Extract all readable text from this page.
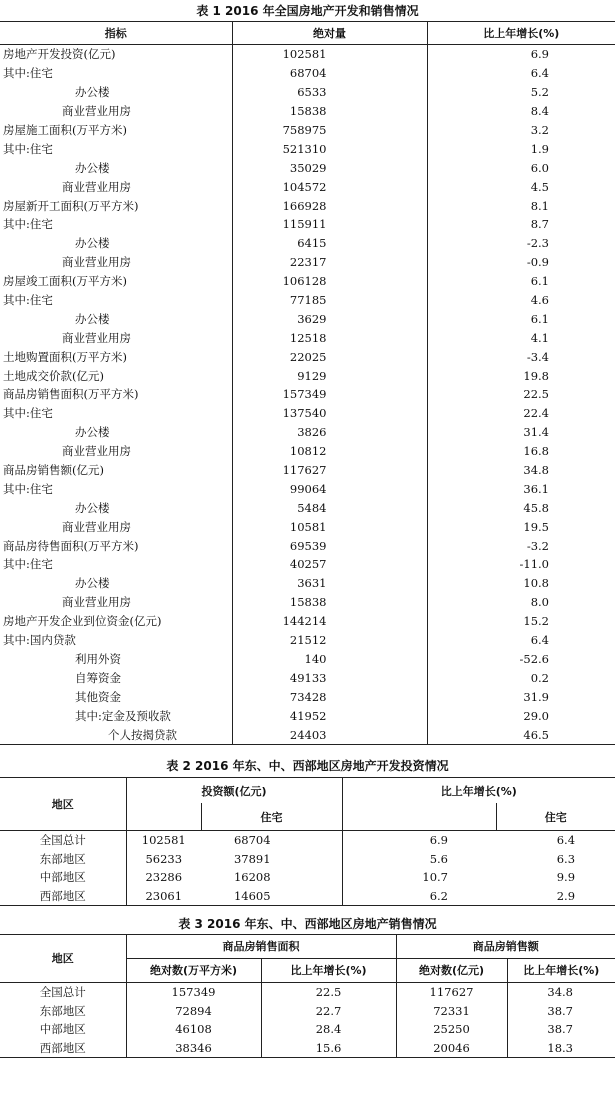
表 1 2016 年全国房地产开发和销售情况
指标	绝对量	比上年增长(%)
房地产开发投资(亿元)	102581	6.9
其中:住宅	68704	6.4
办公楼	6533	5.2
商业营业用房	15838	8.4
房屋施工面积(万平方米)	758975	3.2
其中:住宅	521310	1.9
办公楼	35029	6.0
商业营业用房	104572	4.5
房屋新开工面积(万平方米)	166928	8.1
其中:住宅	115911	8.7
办公楼	6415	-2.3
商业营业用房	22317	-0.9
房屋竣工面积(万平方米)	106128	6.1
其中:住宅	77185	4.6
办公楼	3629	6.1
商业营业用房	12518	4.1
土地购置面积(万平方米)	22025	-3.4
土地成交价款(亿元)	9129	19.8
商品房销售面积(万平方米)	157349	22.5
其中:住宅	137540	22.4
办公楼	3826	31.4
商业营业用房	10812	16.8
商品房销售额(亿元)	117627	34.8
其中:住宅	99064	36.1
办公楼	5484	45.8
商业营业用房	10581	19.5
商品房待售面积(万平方米)	69539	-3.2
其中:住宅	40257	-11.0
办公楼	3631	10.8
商业营业用房	15838	8.0
房地产开发企业到位资金(亿元)	144214	15.2
其中:国内贷款	21512	6.4
利用外资	140	-52.6
自筹资金	49133	0.2
其他资金	73428	31.9
其中:定金及预收款	41952	29.0
个人按揭贷款	24403	46.5
表 2 2016 年东、中、西部地区房地产开发投资情况
地区	投资额(亿元)		比上年增长(%)	
		住宅		住宅
全国总计	102581	68704	6.9	6.4
东部地区	56233	37891	5.6	6.3
中部地区	23286	16208	10.7	9.9
西部地区	23061	14605	6.2	2.9
表 3 2016 年东、中、西部地区房地产销售情况
地区	商品房销售面积		商品房销售额	
	绝对数(万平方米)	比上年增长(%)	绝对数(亿元)	比上年增长(%)
全国总计	157349	22.5	117627	34.8
东部地区	72894	22.7	72331	38.7
中部地区	46108	28.4	25250	38.7
西部地区	38346	15.6	20046	18.3
